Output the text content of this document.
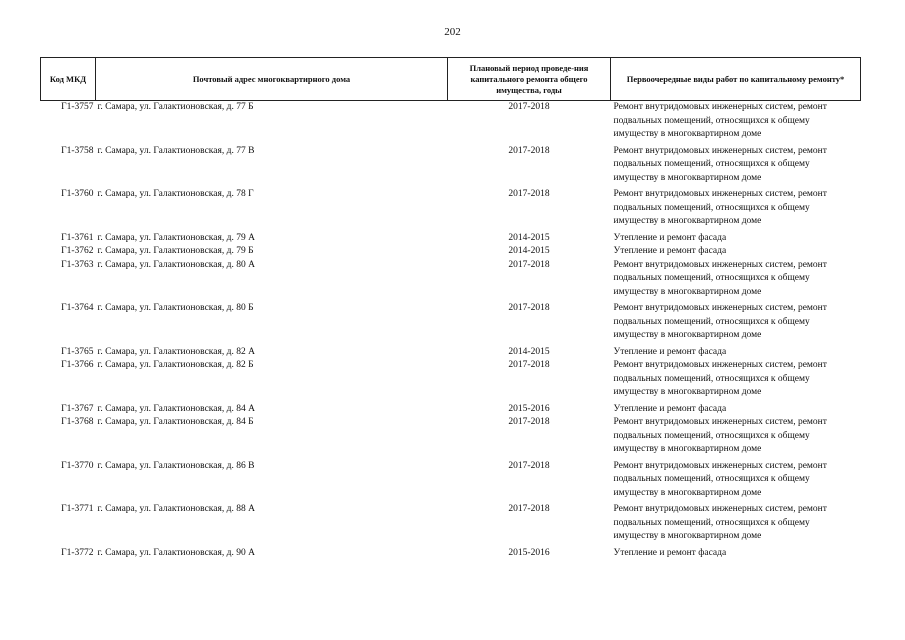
202
Код МКД	Почтовый адрес многоквартирного дома	Плановый период проведе-ния капитального ремонта общего имущества, годы	Первоочередные виды работ по капитальному ремонту*
Г1-3757	г. Самара, ул. Галактионовская, д. 77 Б	2017-2018	Ремонт внутридомовых инженерных систем, ремонт подвальных помещений, относящихся к общему имуществу в многоквартирном доме
Г1-3758	г. Самара, ул. Галактионовская, д. 77 В	2017-2018	Ремонт внутридомовых инженерных систем, ремонт подвальных помещений, относящихся к общему имуществу в многоквартирном доме
Г1-3760	г. Самара, ул. Галактионовская, д. 78 Г	2017-2018	Ремонт внутридомовых инженерных систем, ремонт подвальных помещений, относящихся к общему имуществу в многоквартирном доме
Г1-3761	г. Самара, ул. Галактионовская, д. 79 А	2014-2015	Утепление и ремонт фасада
Г1-3762	г. Самара, ул. Галактионовская, д. 79 Б	2014-2015	Утепление и ремонт фасада
Г1-3763	г. Самара, ул. Галактионовская, д. 80 А	2017-2018	Ремонт внутридомовых инженерных систем, ремонт подвальных помещений, относящихся к общему имуществу в многоквартирном доме
Г1-3764	г. Самара, ул. Галактионовская, д. 80 Б	2017-2018	Ремонт внутридомовых инженерных систем, ремонт подвальных помещений, относящихся к общему имуществу в многоквартирном доме
Г1-3765	г. Самара, ул. Галактионовская, д. 82 А	2014-2015	Утепление и ремонт фасада
Г1-3766	г. Самара, ул. Галактионовская, д. 82 Б	2017-2018	Ремонт внутридомовых инженерных систем, ремонт подвальных помещений, относящихся к общему имуществу в многоквартирном доме
Г1-3767	г. Самара, ул. Галактионовская, д. 84 А	2015-2016	Утепление и ремонт фасада
Г1-3768	г. Самара, ул. Галактионовская, д. 84 Б	2017-2018	Ремонт внутридомовых инженерных систем, ремонт подвальных помещений, относящихся к общему имуществу в многоквартирном доме
Г1-3770	г. Самара, ул. Галактионовская, д. 86 В	2017-2018	Ремонт внутридомовых инженерных систем, ремонт подвальных помещений, относящихся к общему имуществу в многоквартирном доме
Г1-3771	г. Самара, ул. Галактионовская, д. 88 А	2017-2018	Ремонт внутридомовых инженерных систем, ремонт подвальных помещений, относящихся к общему имуществу в многоквартирном доме
Г1-3772	г. Самара, ул. Галактионовская, д. 90 А	2015-2016	Утепление и ремонт фасада
